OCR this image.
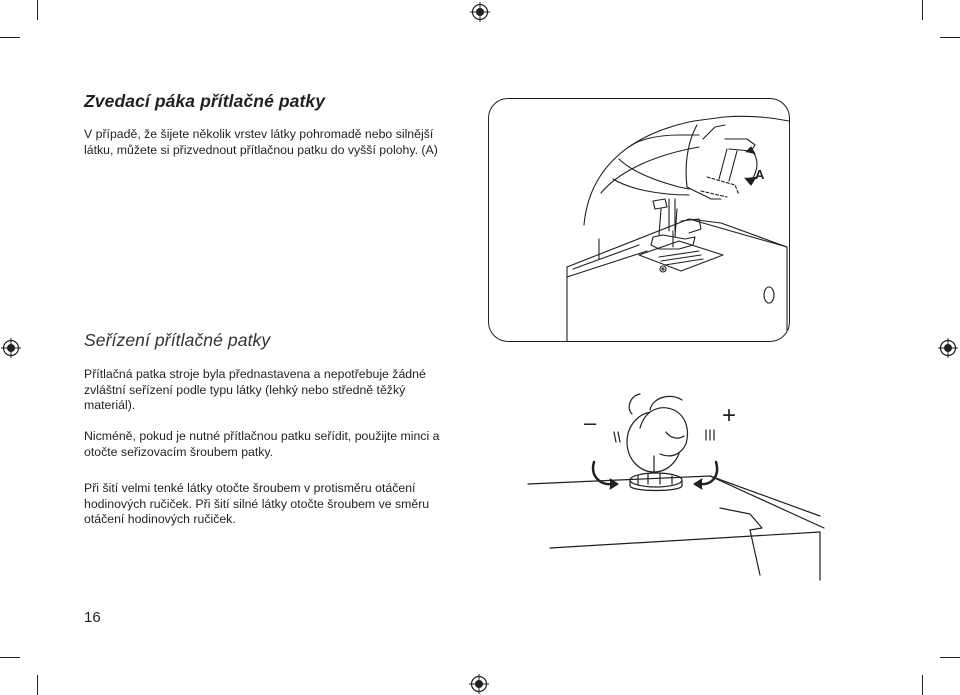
Zvedací páka přítlačné patky

V případě, že šijete několik vrstev látky pohromadě nebo silnější látku, můžete si přizvednout přítlačnou patku do vyšší polohy. (A)

A
Seřízení přítlačné patky

Přítlačná patka stroje byla přednastavena a nepotřebuje žádné zvláštní seřízení podle typu látky (lehký nebo středně těžký materiál).

Nicméně, pokud je nutné přítlačnou patku seřídit, použijte minci a otočte seřizovacím šroubem patky.

Při šití velmi tenké látky otočte šroubem v protisměru otáčení hodinových ručiček. Při šití silné látky otočte šroubem ve směru otáčení hodinových ručiček.

–	+
16
